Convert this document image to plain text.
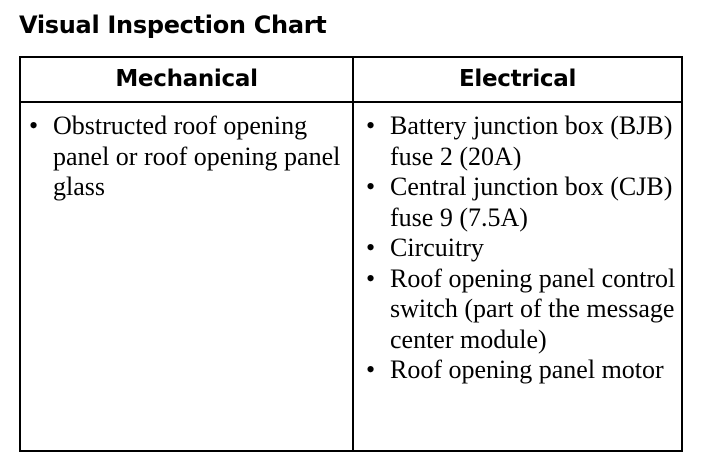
Visual Inspection Chart
Mechanical	Electrical
• Obstructed roof opening panel or roof opening panel glass
• Battery junction box (BJB) fuse 2 (20A)
• Central junction box (CJB) fuse 9 (7.5A)
• Circuitry
• Roof opening panel control switch (part of the message center module)
• Roof opening panel motor
